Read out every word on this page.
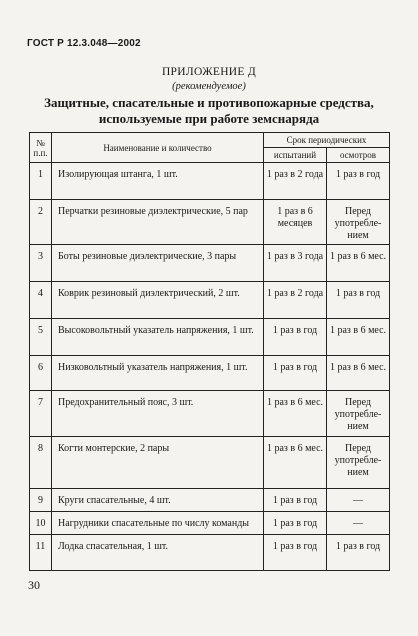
ГОСТ Р 12.3.048—2002
ПРИЛОЖЕНИЕ Д
(рекомендуемое)
Защитные, спасательные и противопожарные средства,
используемые при работе земснаряда
№ п.п.	Наименование и количество	Срок периодических	
		испытаний	осмотров
1	Изолирующая штанга, 1 шт.	1 раз в 2 года	1 раз в год
2	Перчатки резиновые диэлектрические, 5 пар	1 раз в 6 месяцев	Перед употребле-нием
3	Боты резиновые диэлектрические, 3 пары	1 раз в 3 года	1 раз в 6 мес.
4	Коврик резиновый диэлектрический, 2 шт.	1 раз в 2 года	1 раз в год
5	Высоковольтный указатель напряжения, 1 шт.	1 раз в год	1 раз в 6 мес.
6	Низковольтный указатель напряжения, 1 шт.	1 раз в год	1 раз в 6 мес.
7	Предохранительный пояс, 3 шт.	1 раз в 6 мес.	Перед употребле-нием
8	Когти монтерские, 2 пары	1 раз в 6 мес.	Перед употребле-нием
9	Круги спасательные, 4 шт.	1 раз в год	—
10	Нагрудники спасательные по числу команды	1 раз в год	—
11	Лодка спасательная, 1 шт.	1 раз в год	1 раз в год
30
